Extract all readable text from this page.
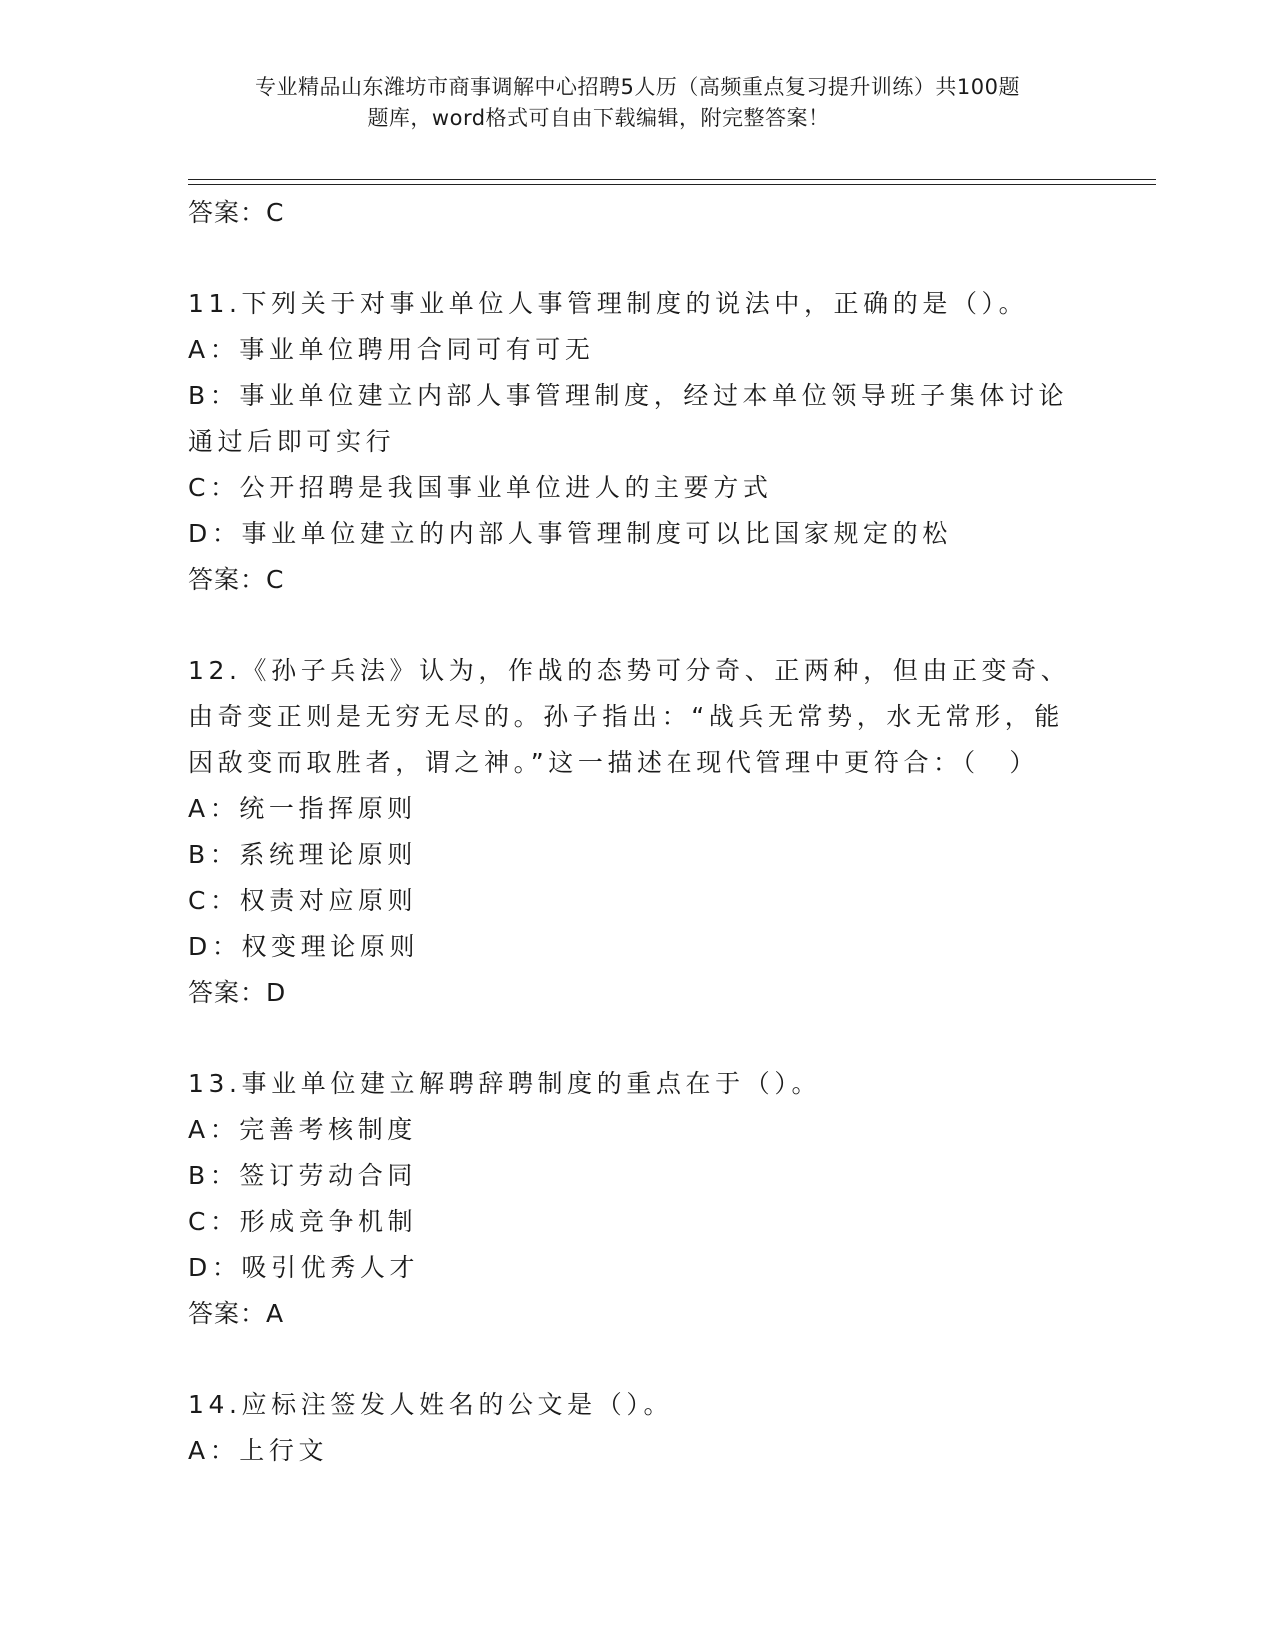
专业精品山东潍坊市商事调解中心招聘5人历（高频重点复习提升训练）共100题

题库，word格式可自由下载编辑，附完整答案！
答案：C
11.下列关于对事业单位人事管理制度的说法中，正确的是（）。
A：事业单位聘用合同可有可无
B：事业单位建立内部人事管理制度，经过本单位领导班子集体讨论通过后即可实行
C：公开招聘是我国事业单位进人的主要方式
D：事业单位建立的内部人事管理制度可以比国家规定的松
答案：C
12.《孙子兵法》认为，作战的态势可分奇、正两种，但由正变奇、由奇变正则是无穷无尽的。孙子指出：“战兵无常势，水无常形，能因敌变而取胜者，谓之神。”这一描述在现代管理中更符合：（　）
A：统一指挥原则
B：系统理论原则
C：权责对应原则
D：权变理论原则
答案：D
13.事业单位建立解聘辞聘制度的重点在于（）。
A：完善考核制度
B：签订劳动合同
C：形成竞争机制
D：吸引优秀人才
答案：A
14.应标注签发人姓名的公文是（）。
A：上行文
